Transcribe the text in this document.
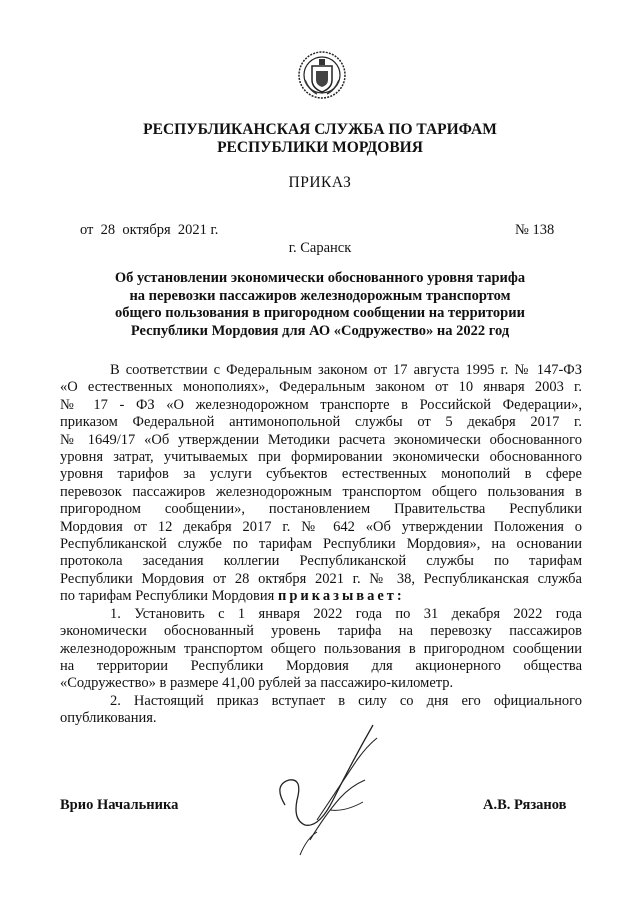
РЕСПУБЛИКАНСКАЯ СЛУЖБА ПО ТАРИФАМ
РЕСПУБЛИКИ МОРДОВИЯ
ПРИКАЗ
от  28  октября  2021 г.	№ 138
г. Саранск
Об установлении экономически обоснованного уровня тарифа
на перевозки пассажиров железнодорожным транспортом
общего пользования в пригородном сообщении на территории
Республики Мордовия для АО «Содружество» на 2022 год
В соответствии с Федеральным законом от 17 августа 1995 г. № 147-ФЗ
«О естественных монополиях», Федеральным законом от 10 января 2003 г.
№ 17 - ФЗ «О железнодорожном транспорте в Российской Федерации»,
приказом Федеральной антимонопольной службы от 5 декабря 2017 г.
№ 1649/17 «Об утверждении Методики расчета экономически обоснованного
уровня затрат, учитываемых при формировании экономически обоснованного
уровня тарифов за услуги субъектов естественных монополий в сфере
перевозок пассажиров железнодорожным транспортом общего пользования в
пригородном сообщении», постановлением Правительства Республики
Мордовия от 12 декабря 2017 г. № 642 «Об утверждении Положения о
Республиканской службе по тарифам Республики Мордовия», на основании
протокола заседания коллегии Республиканской службы по тарифам
Республики Мордовия от 28 октября 2021 г. № 38, Республиканская служба
по тарифам Республики Мордовия приказывает:
1. Установить с 1 января 2022 года по 31 декабря 2022 года
экономически обоснованный уровень тарифа на перевозку пассажиров
железнодорожным транспортом общего пользования в пригородном сообщении
на территории Республики Мордовия для акционерного общества
«Содружество» в размере 41,00 рублей за пассажиро-километр.
2. Настоящий приказ вступает в силу со дня его официального
опубликования.
Врио Начальника	А.В. Рязанов
